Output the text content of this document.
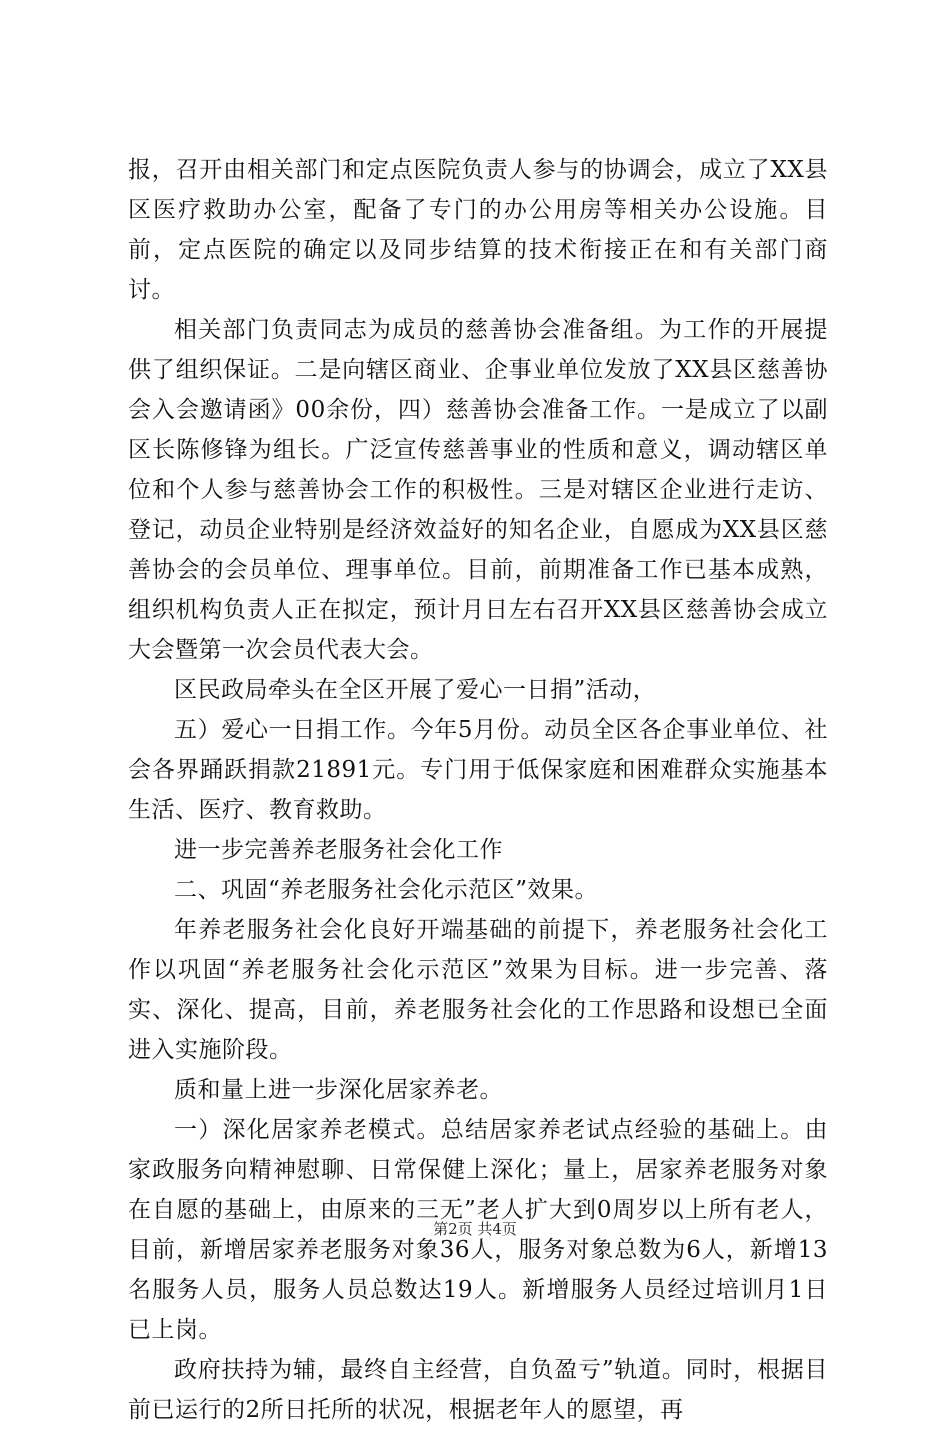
报，召开由相关部门和定点医院负责人参与的协调会，成立了XX县区医疗救助办公室，配备了专门的办公用房等相关办公设施。目前，定点医院的确定以及同步结算的技术衔接正在和有关部门商讨。

相关部门负责同志为成员的慈善协会准备组。为工作的开展提供了组织保证。二是向辖区商业、企事业单位发放了XX县区慈善协会入会邀请函》00余份，四）慈善协会准备工作。一是成立了以副区长陈修锋为组长。广泛宣传慈善事业的性质和意义，调动辖区单位和个人参与慈善协会工作的积极性。三是对辖区企业进行走访、登记，动员企业特别是经济效益好的知名企业，自愿成为XX县区慈善协会的会员单位、理事单位。目前，前期准备工作已基本成熟，组织机构负责人正在拟定，预计月日左右召开XX县区慈善协会成立大会暨第一次会员代表大会。

区民政局牵头在全区开展了爱心一日捐”活动，

五）爱心一日捐工作。今年5月份。动员全区各企事业单位、社会各界踊跃捐款21891元。专门用于低保家庭和困难群众实施基本生活、医疗、教育救助。

进一步完善养老服务社会化工作

二、巩固“养老服务社会化示范区”效果。

年养老服务社会化良好开端基础的前提下，养老服务社会化工作以巩固“养老服务社会化示范区”效果为目标。进一步完善、落实、深化、提高，目前，养老服务社会化的工作思路和设想已全面进入实施阶段。

质和量上进一步深化居家养老。

一）深化居家养老模式。总结居家养老试点经验的基础上。由家政服务向精神慰聊、日常保健上深化；量上，居家养老服务对象在自愿的基础上，由原来的三无”老人扩大到0周岁以上所有老人，目前，新增居家养老服务对象36人，服务对象总数为6人，新增13名服务人员，服务人员总数达19人。新增服务人员经过培训月1日已上岗。

政府扶持为辅，最终自主经营，自负盈亏”轨道。同时，根据目前已运行的2所日托所的状况，根据老年人的愿望，再

第2页 共4页
